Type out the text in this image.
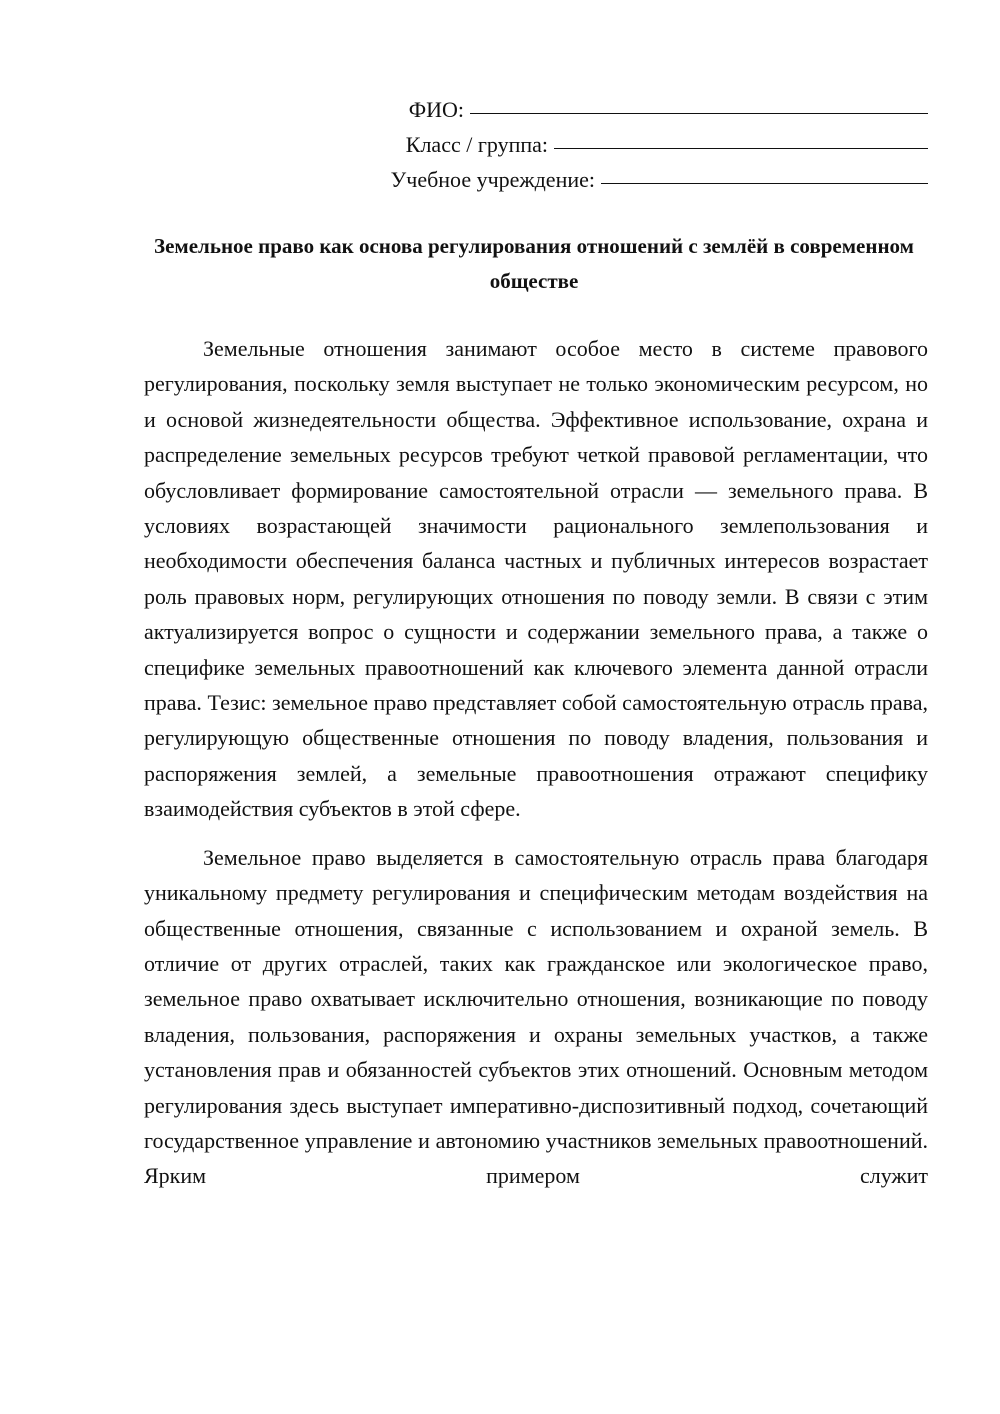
ФИО:
Класс / группа:
Учебное учреждение:
Земельное право как основа регулирования отношений с землёй в современном обществе

Земельные отношения занимают особое место в системе правового регулирования, поскольку земля выступает не только экономическим ресурсом, но и основой жизнедеятельности общества. Эффективное использование, охрана и распределение земельных ресурсов требуют четкой правовой регламентации, что обусловливает формирование самостоятельной отрасли — земельного права. В условиях возрастающей значимости рационального землепользования и необходимости обеспечения баланса частных и публичных интересов возрастает роль правовых норм, регулирующих отношения по поводу земли. В связи с этим актуализируется вопрос о сущности и содержании земельного права, а также о специфике земельных правоотношений как ключевого элемента данной отрасли права. Тезис: земельное право представляет собой самостоятельную отрасль права, регулирующую общественные отношения по поводу владения, пользования и распоряжения землей, а земельные правоотношения отражают специфику взаимодействия субъектов в этой сфере.

Земельное право выделяется в самостоятельную отрасль права благодаря уникальному предмету регулирования и специфическим методам воздействия на общественные отношения, связанные с использованием и охраной земель. В отличие от других отраслей, таких как гражданское или экологическое право, земельное право охватывает исключительно отношения, возникающие по поводу владения, пользования, распоряжения и охраны земельных участков, а также установления прав и обязанностей субъектов этих отношений. Основным методом регулирования здесь выступает императивно-диспозитивный подход, сочетающий государственное управление и автономию участников земельных правоотношений. Ярким примером служит
